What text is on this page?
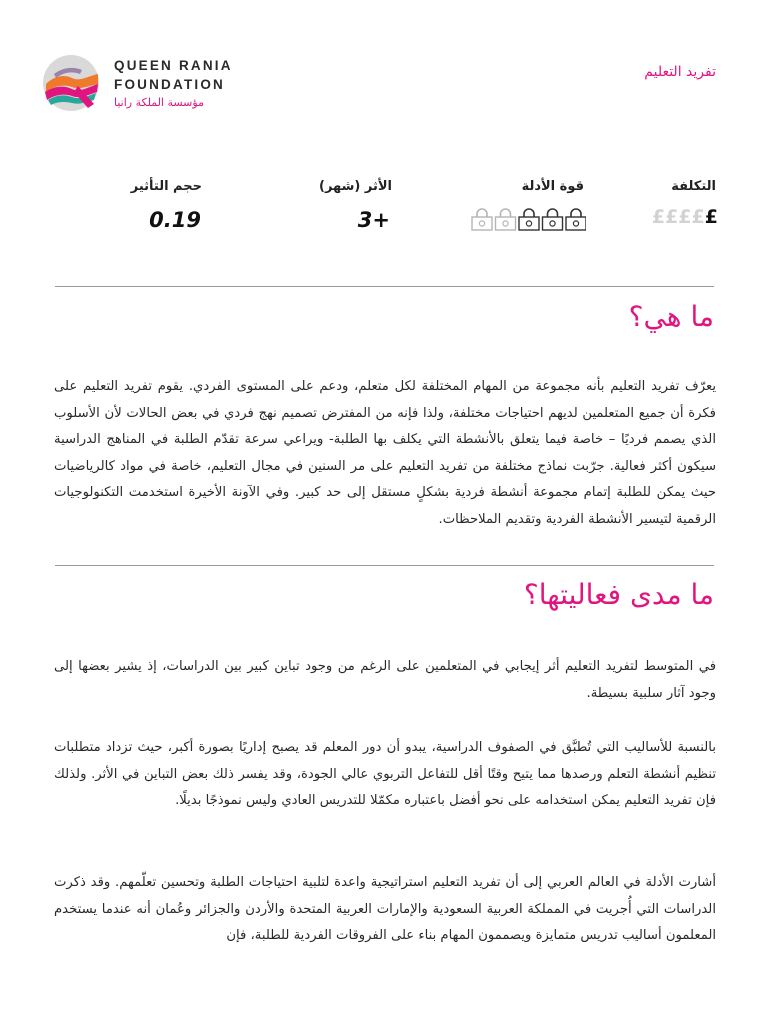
QUEEN RANIA
FOUNDATION
مؤسسة الملكة رانيا
تفريد التعليم
التكلفة
£££££
قوة الأدلة
الأثر (شهر)
3+
حجم التأثير
0.19
ما هي؟

يعرّف تفريد التعليم بأنه مجموعة من المهام المختلفة لكل متعلم، ودعم على المستوى الفردي. يقوم تفريد التعليم على فكرة أن جميع المتعلمين لديهم احتياجات مختلفة، ولذا فإنه من المفترض تصميم نهج فردي في بعض الحالات لأن الأسلوب الذي يصمم فرديًا – خاصة فيما يتعلق بالأنشطة التي يكلف بها الطلبة- ويراعي سرعة تقدّم الطلبة في المناهج الدراسية سيكون أكثر فعالية. جرّبت نماذج مختلفة من تفريد التعليم على مر السنين في مجال التعليم، خاصة في مواد كالرياضيات حيث يمكن للطلبة إتمام مجموعة أنشطة فردية بشكلٍ مستقل إلى حد كبير. وفي الآونة الأخيرة استخدمت التكنولوجيات الرقمية لتيسير الأنشطة الفردية وتقديم الملاحظات.

ما مدى فعاليتها؟

في المتوسط لتفريد التعليم أثر إيجابي في المتعلمين على الرغم من وجود تباين كبير بين الدراسات، إذ يشير بعضها إلى وجود آثار سلبية بسيطة.

بالنسبة للأساليب التي تُطبَّق في الصفوف الدراسية، يبدو أن دور المعلم قد يصبح إداريًا بصورة أكبر، حيث تزداد متطلبات تنظيم أنشطة التعلم ورصدها مما يتيح وقتًا أقل للتفاعل التربوي عالي الجودة، وقد يفسر ذلك بعض التباين في الأثر. ولذلك فإن تفريد التعليم يمكن استخدامه على نحو أفضل باعتباره مكمّلا للتدريس العادي وليس نموذجًا بديلًا.

أشارت الأدلة في العالم العربي إلى أن تفريد التعليم استراتيجية واعدة لتلبية احتياجات الطلبة وتحسين تعلّمهم. وقد ذكرت الدراسات التي أُجريت في المملكة العربية السعودية والإمارات العربية المتحدة والأردن والجزائر وعُمان أنه عندما يستخدم المعلمون أساليب تدريس متمايزة ويصممون المهام بناء على الفروقات الفردية للطلبة، فإن
